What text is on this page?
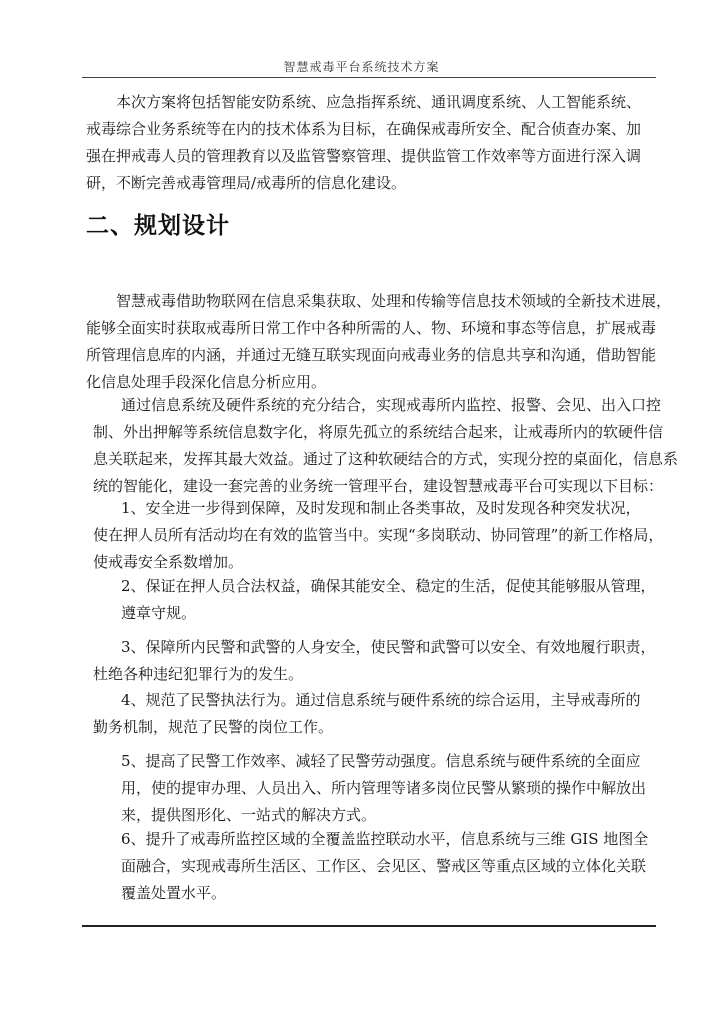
智慧戒毒平台系统技术方案
本次方案将包括智能安防系统、应急指挥系统、通讯调度系统、人工智能系统、
戒毒综合业务系统等在内的技术体系为目标，在确保戒毒所安全、配合侦查办案、加
强在押戒毒人员的管理教育以及监管警察管理、提供监管工作效率等方面进行深入调
研，不断完善戒毒管理局/戒毒所的信息化建设。
二、规划设计
智慧戒毒借助物联网在信息采集获取、处理和传输等信息技术领域的全新技术进展，
能够全面实时获取戒毒所日常工作中各种所需的人、物、环境和事态等信息，扩展戒毒
所管理信息库的内涵，并通过无缝互联实现面向戒毒业务的信息共享和沟通，借助智能
化信息处理手段深化信息分析应用。
通过信息系统及硬件系统的充分结合，实现戒毒所内监控、报警、会见、出入口控
制、外出押解等系统信息数字化，将原先孤立的系统结合起来，让戒毒所内的软硬件信
息关联起来，发挥其最大效益。通过了这种软硬结合的方式，实现分控的桌面化，信息系
统的智能化，建设一套完善的业务统一管理平台，建设智慧戒毒平台可实现以下目标：
1、安全进一步得到保障，及时发现和制止各类事故，及时发现各种突发状况，
使在押人员所有活动均在有效的监管当中。实现“多岗联动、协同管理”的新工作格局，
使戒毒安全系数增加。
2、保证在押人员合法权益，确保其能安全、稳定的生活，促使其能够服从管理，
遵章守规。
3、保障所内民警和武警的人身安全，使民警和武警可以安全、有效地履行职责，
杜绝各种违纪犯罪行为的发生。
4、规范了民警执法行为。通过信息系统与硬件系统的综合运用，主导戒毒所的
勤务机制，规范了民警的岗位工作。
5、提高了民警工作效率、减轻了民警劳动强度。信息系统与硬件系统的全面应
用，使的提审办理、人员出入、所内管理等诸多岗位民警从繁琐的操作中解放出
来，提供图形化、一站式的解决方式。
6、提升了戒毒所监控区域的全覆盖监控联动水平，信息系统与三维 GIS 地图全
面融合，实现戒毒所生活区、工作区、会见区、警戒区等重点区域的立体化关联
覆盖处置水平。
